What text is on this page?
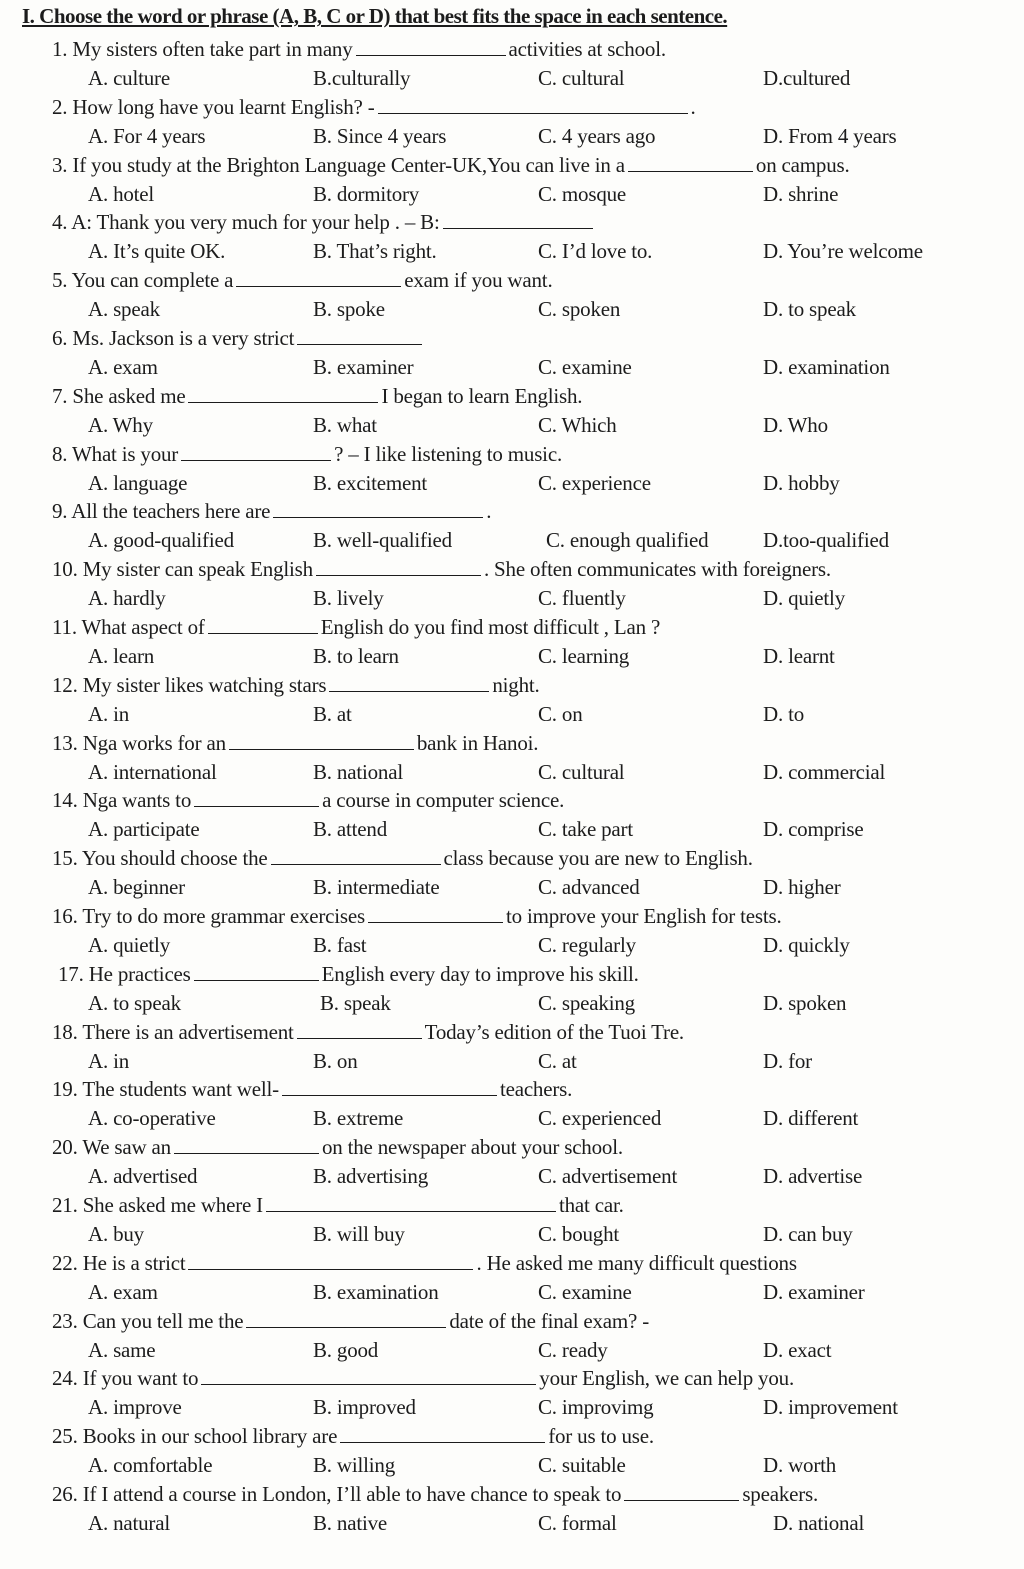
I. Choose the word or phrase (A, B, C or D) that best fits the space in each sentence.
1. My sisters often take part in many	activities at school.
A. culture	B.culturally	C. cultural	D.cultured
2. How long have you learnt English? -	.
A. For 4 years	B. Since 4 years	C. 4 years ago	D. From 4 years
3. If you study at the Brighton Language Center-UK,You can live in a	on campus.
A. hotel	B. dormitory	C. mosque	D. shrine
4. A: Thank you very much for your help . – B:
A. It’s quite OK.	B. That’s right.	C. I’d love to.	D. You’re welcome
5. You can complete a	exam if you want.
A. speak	B. spoke	C. spoken	D. to speak
6. Ms. Jackson is a very strict
A. exam	B. examiner	C. examine	D. examination
7. She asked me	I began to learn English.
A. Why	B. what	C. Which	D. Who
8. What is your	? – I like listening to music.
A. language	B. excitement	C. experience	D. hobby
9. All the teachers here are	.
A. good-qualified	B. well-qualified	C. enough qualified	D.too-qualified
10. My sister can speak English	. She often communicates with foreigners.
A. hardly	B. lively	C. fluently	D. quietly
11. What aspect of	English do you find most difficult , Lan ?
A. learn	B. to learn	C. learning	D. learnt
12. My sister likes watching stars	night.
A. in	B. at	C. on	D. to
13. Nga works for an	bank in Hanoi.
A. international	B. national	C. cultural	D. commercial
14. Nga wants to	a course in computer science.
A. participate	B. attend	C. take part	D. comprise
15. You should choose the	class because you are new to English.
A. beginner	B. intermediate	C. advanced	D. higher
16. Try to do more grammar exercises	to improve your English for tests.
A. quietly	B. fast	C. regularly	D. quickly
17. He practices	English every day to improve his skill.
A. to speak	B. speak	C. speaking	D. spoken
18. There is an advertisement	Today’s edition of the Tuoi Tre.
A. in	B. on	C. at	D. for
19. The students want well-	teachers.
A. co-operative	B. extreme	C. experienced	D. different
20. We saw an	on the newspaper about your school.
A. advertised	B. advertising	C. advertisement	D. advertise
21. She asked me where I	that car.
A. buy	B. will buy	C. bought	D. can buy
22. He is a strict	. He asked me many difficult questions
A. exam	B. examination	C. examine	D. examiner
23. Can you tell me the	date of the final exam? -
A. same	B. good	C. ready	D. exact
24. If you want to	your English, we can help you.
A. improve	B. improved	C. improvimg	D. improvement
25. Books in our school library are	for us to use.
A. comfortable	B. willing	C. suitable	D. worth
26. If I attend a course in London, I’ll able to have chance to speak to	speakers.
A. natural	B. native	C. formal	D. national
